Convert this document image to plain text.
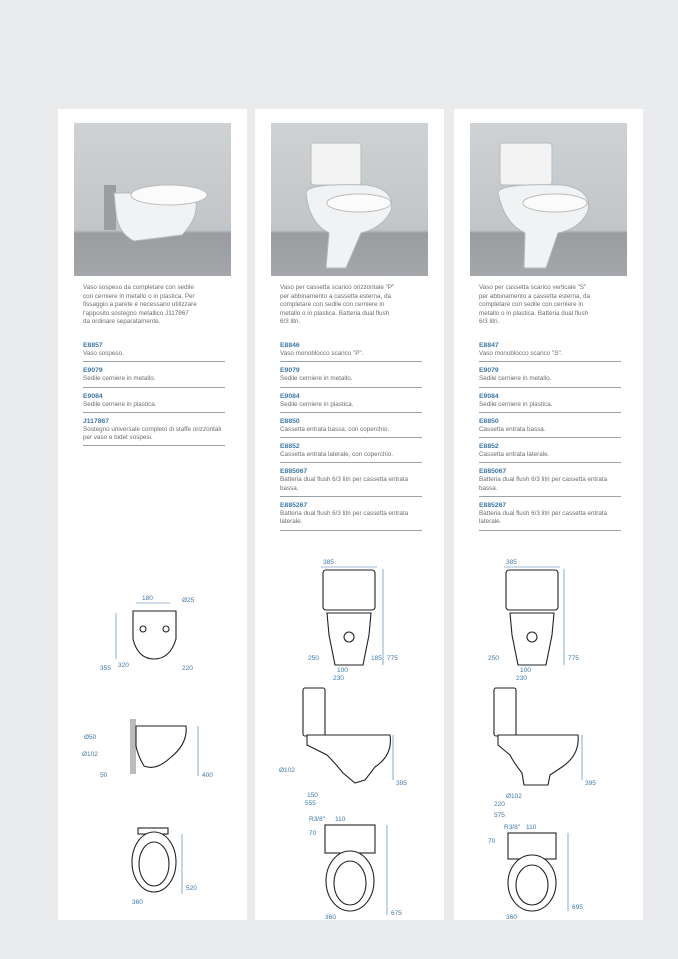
Vaso sospeso da completare con sedile
con cerniere in metallo o in plastica. Per
fissaggio a parete è necessario utilizzare
l'apposito sostegno metallico J117867
da ordinare separatamente.
E8857
Vaso sospeso.
E9079
Sedile cerniere in metallo.
E9084
Sedile cerniere in plastica.
J117867
Sostegno universale completo di staffe orizzontali per vaso e bidet sospesi.
180	Ø25
355 320	220
Ø50
Ø102
50	400
520
360
Vaso per cassetta scarico orizzontale "P"
per abbinamento a cassetta esterna, da
completare con sedile con cerniere in
metallo o in plastica. Batteria dual flush
6/3 litri.
E8846
Vaso monoblocco scarico "P".
E9079
Sedile cerniere in metallo.
E9084
Sedile cerniere in plastica.
E8850
Cassetta entrata bassa, con coperchio.
E8852
Cassetta entrata laterale, con coperchio.
E885067
Batteria dual flush 6/3 litri per cassetta entrata bassa.
E885267
Batteria dual flush 6/3 litri per cassetta entrata laterale.
385
250	185 775
100
230
Ø102
395
150
555
R3/8" 110
70
675
360
Vaso per cassetta scarico verticale "S"
per abbinamento a cassetta esterna, da
completare con sedile con cerniere in
metallo o in plastica. Batteria dual flush
6/3 litri.
E8847
Vaso monoblocco scarico "S".
E9079
Sedile cerniere in metallo.
E9084
Sedile cerniere in plastica.
E8850
Cassetta entrata bassa.
E8852
Cassetta entrata laterale.
E885067
Batteria dual flush 6/3 litri per cassetta entrata bassa.
E885267
Batteria dual flush 6/3 litri per cassetta entrata laterale.
385
250	775
100
230
395
Ø102
220
575
R3/8" 110
70
695
360
